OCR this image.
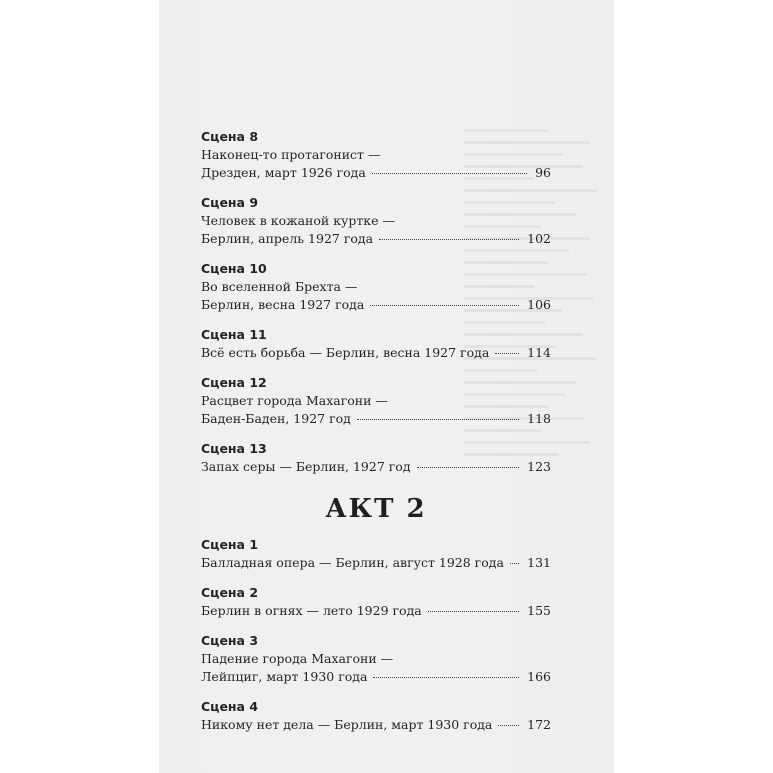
Сцена 8
Наконец-то протагонист —
Дрезден, март 1926 года	96
Сцена 9
Человек в кожаной куртке —
Берлин, апрель 1927 года	102
Сцена 10
Во вселенной Брехта —
Берлин, весна 1927 года	106
Сцена 11
Всё есть борьба — Берлин, весна 1927 года	114
Сцена 12
Расцвет города Махагони —
Баден-Баден, 1927 год	118
Сцена 13
Запах серы — Берлин, 1927 год	123
АКТ 2
Сцена 1
Балладная опера — Берлин, август 1928 года 131
Сцена 2
Берлин в огнях — лето 1929 года	155
Сцена 3
Падение города Махагони —
Лейпциг, март 1930 года	166
Сцена 4
Никому нет дела — Берлин, март 1930 года	172
